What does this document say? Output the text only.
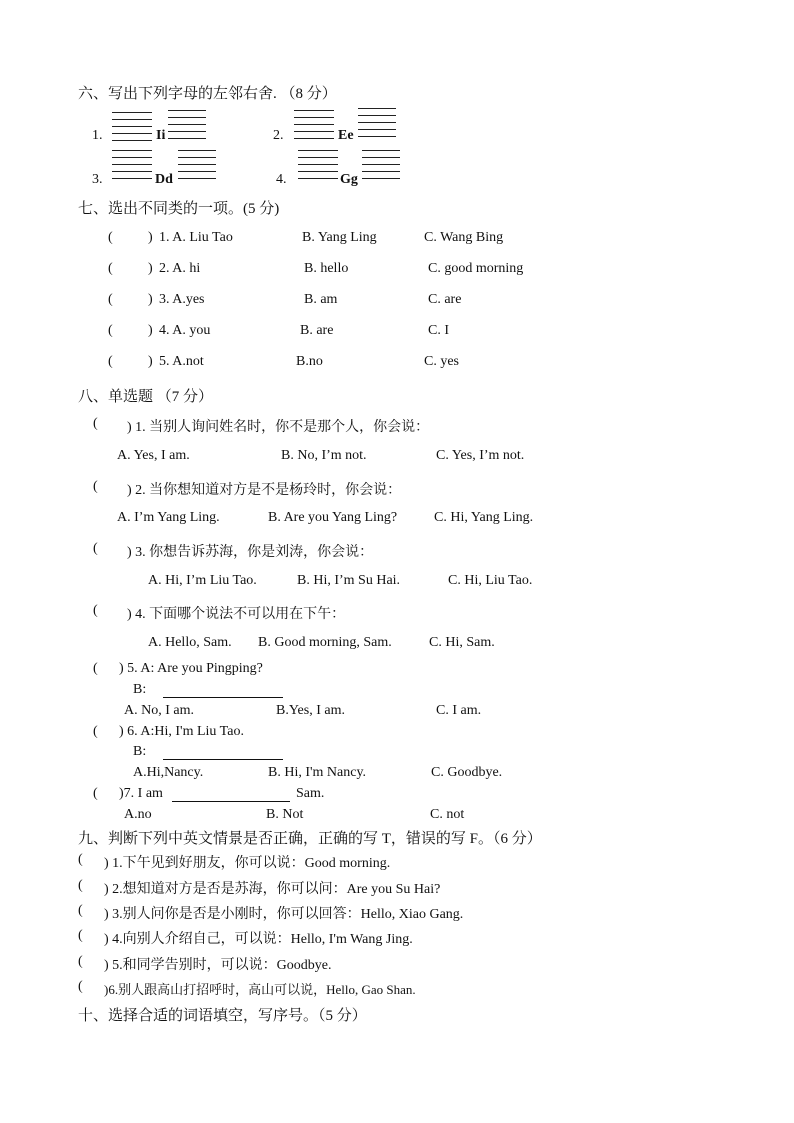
六、写出下列字母的左邻右舍. （8 分）
1.	Ii	2.	Ee
3.	Dd	4.	Gg
七、选出不同类的一项。(5 分)
(	) 1. A. Liu Tao	B. Yang Ling	C. Wang Bing
(	) 2. A. hi	B. hello	C. good morning
(	) 3. A.yes	B. am	C. are
(	) 4. A. you	B. are	C. I
(	) 5. A.not	B.no	C. yes
八、单选题 （7 分）
( ) 1. 当别人询问姓名时，你不是那个人，你会说：
A. Yes, I am.	B. No, I’m not.	C. Yes, I’m not.
( ) 2. 当你想知道对方是不是杨玲时，你会说：
A. I’m Yang Ling.	B. Are you Yang Ling?	C. Hi, Yang Ling.
( ) 3. 你想告诉苏海，你是刘涛，你会说：
A. Hi, I’m Liu Tao.	B. Hi, I’m Su Hai.	C. Hi, Liu Tao.
( ) 4. 下面哪个说法不可以用在下午：
A. Hello, Sam. B. Good morning, Sam.	C. Hi, Sam.
( ) 5. A: Are you Pingping?
B:
A. No, I am.	B.Yes, I am.	C. I am.
( ) 6. A:Hi, I'm Liu Tao.
B:
A.Hi,Nancy.	B. Hi, I'm Nancy.	C. Goodbye.
( )7. I am	Sam.
A.no	B. Not	C. not
九、判断下列中英文情景是否正确，正确的写 T，错误的写 F。（6 分）
( ) 1.下午见到好朋友，你可以说：Good morning.
( ) 2.想知道对方是否是苏海，你可以问：Are you Su Hai?
( ) 3.别人问你是否是小刚时，你可以回答：Hello, Xiao Gang.
( ) 4.向别人介绍自己，可以说：Hello, I'm Wang Jing.
( ) 5.和同学告别时，可以说：Goodbye.
( )6.别人跟高山打招呼时，高山可以说，Hello, Gao Shan.
十、选择合适的词语填空，写序号。（5 分）
